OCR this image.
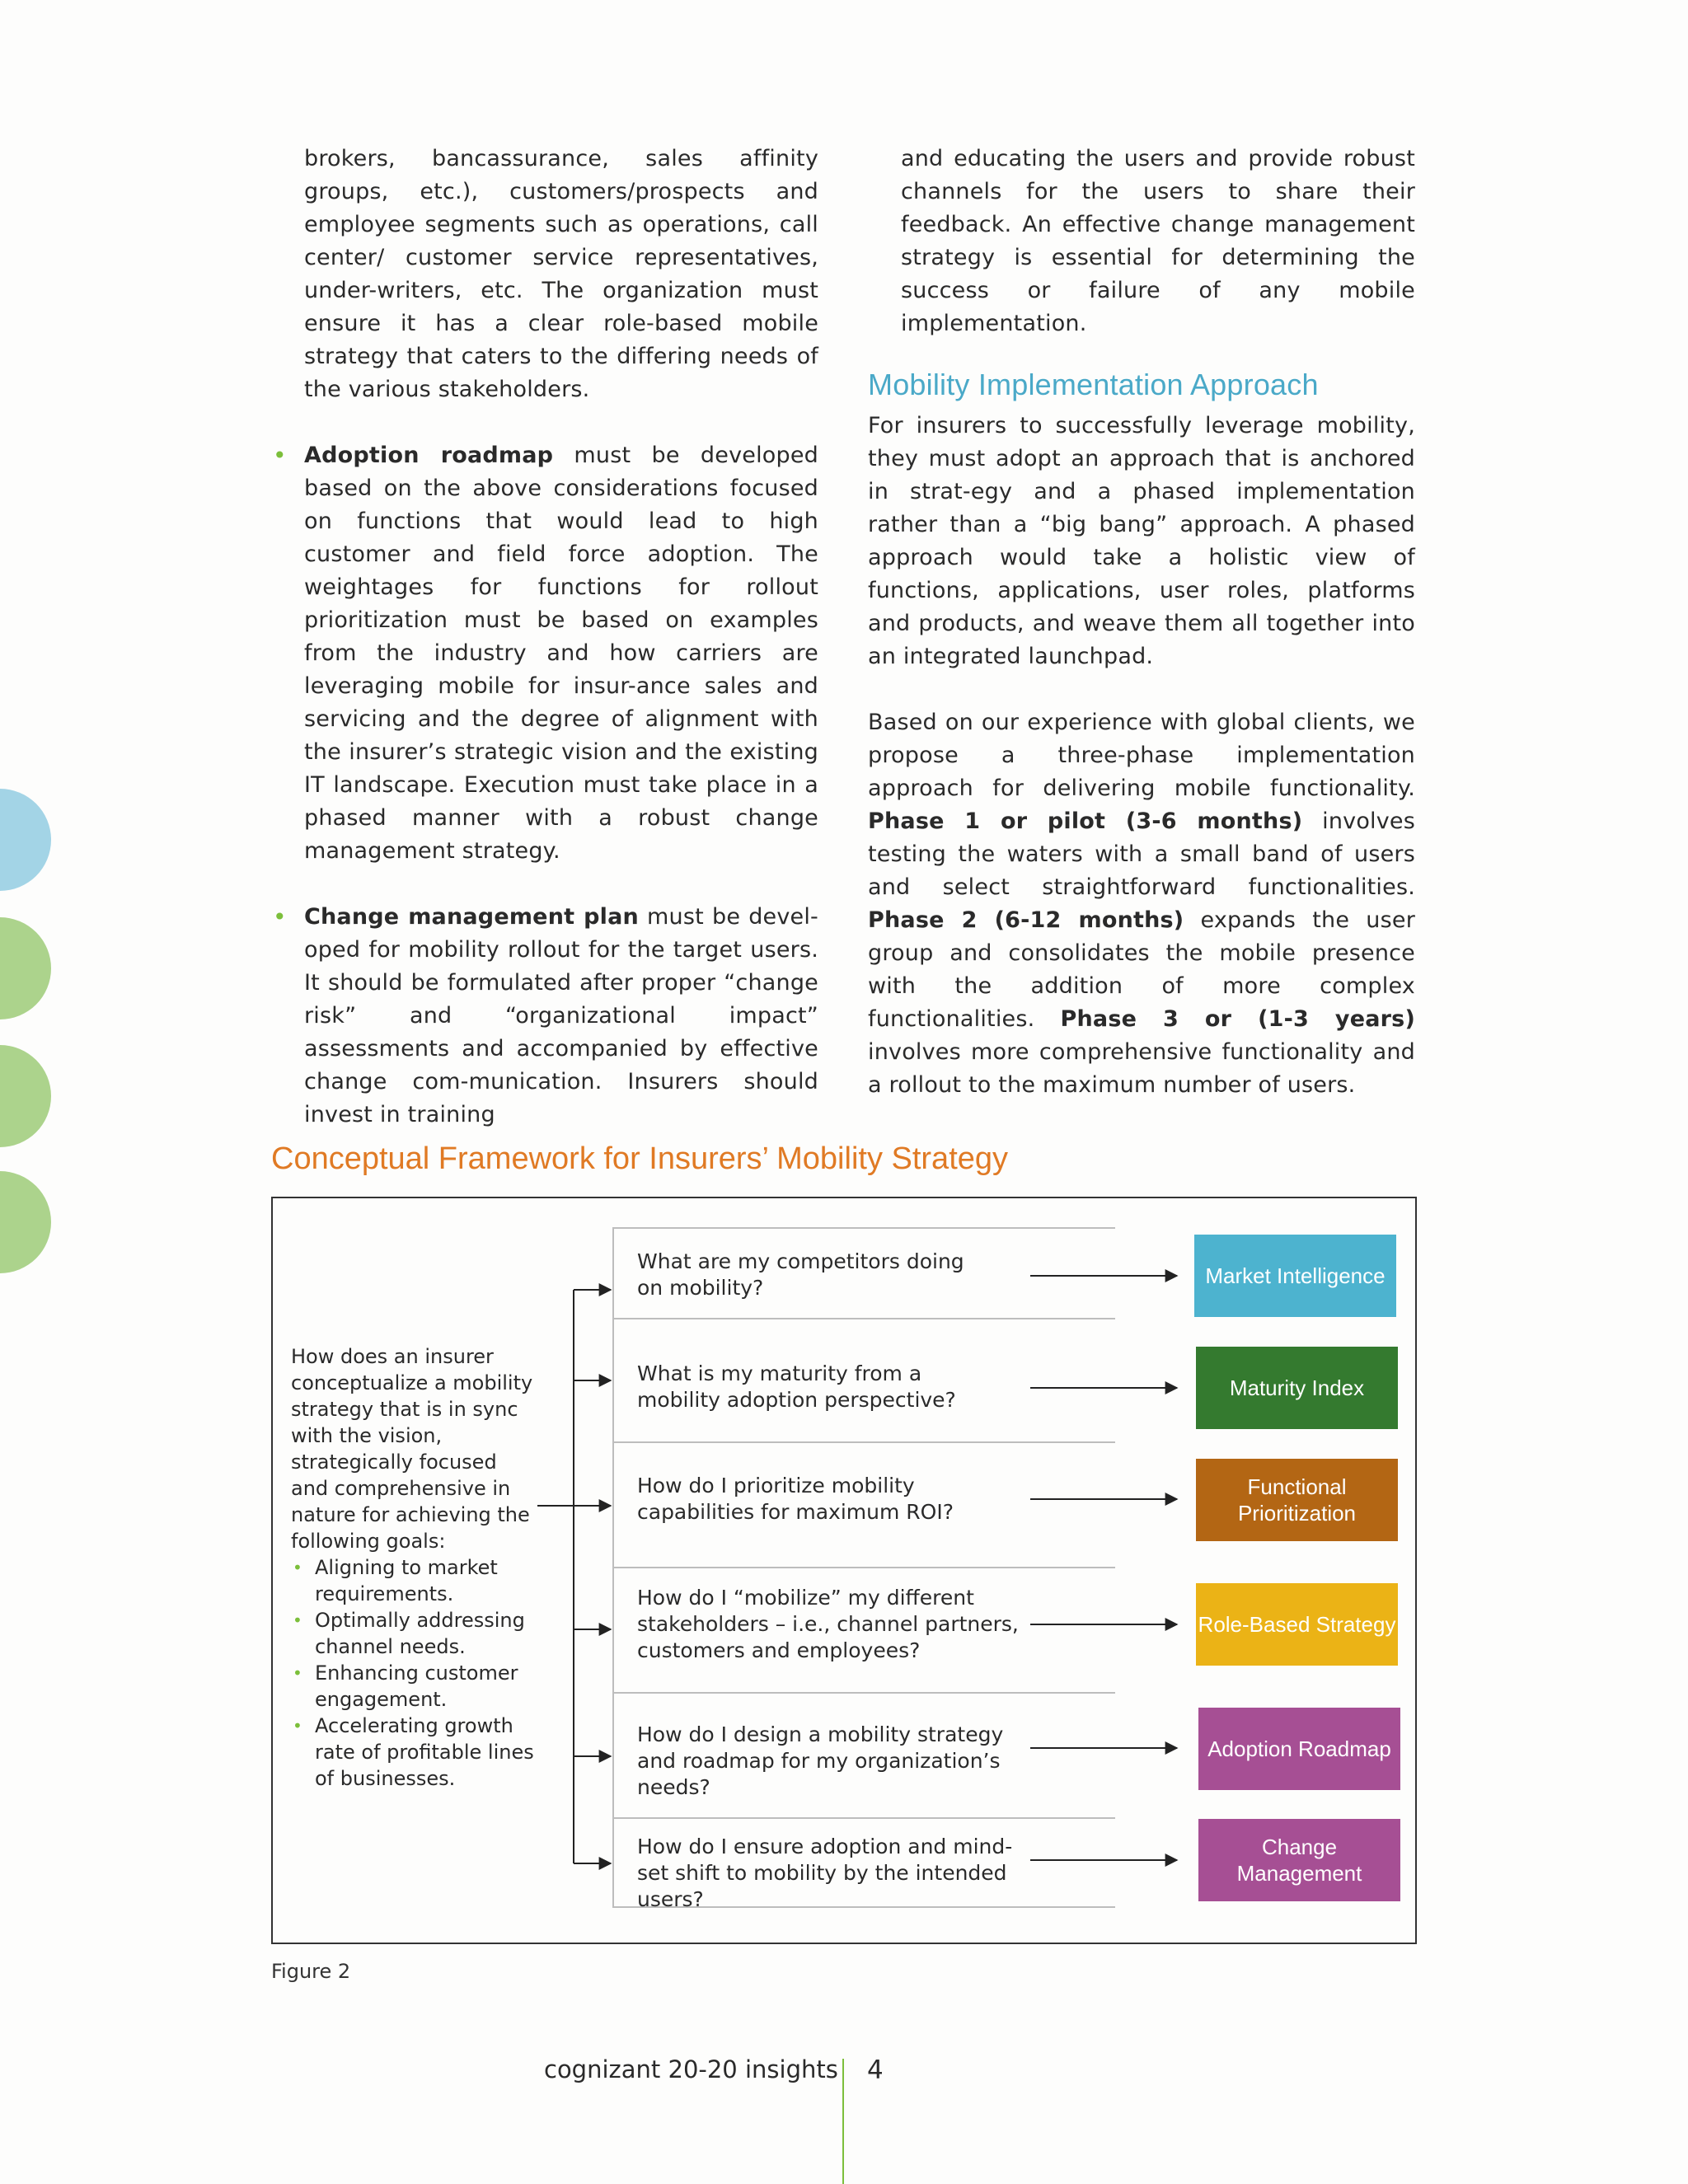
brokers, bancassurance, sales affinity groups, etc.), customers/prospects and employee segments such as operations, call center/ customer service representatives, under-writers, etc. The organization must ensure it has a clear role-based mobile strategy that caters to the differing needs of the various stakeholders.

• Adoption roadmap must be developed based on the above considerations focused on functions that would lead to high customer and field force adoption. The weightages for functions for rollout prioritization must be based on examples from the industry and how carriers are leveraging mobile for insur-ance sales and servicing and the degree of alignment with the insurer’s strategic vision and the existing IT landscape. Execution must take place in a phased manner with a robust change management strategy.

• Change management plan must be devel-oped for mobility rollout for the target users. It should be formulated after proper “change risk” and “organizational impact” assessments and accompanied by effective change com-munication. Insurers should invest in training

and educating the users and provide robust channels for the users to share their feedback. An effective change management strategy is essential for determining the success or failure of any mobile implementation.

Mobility Implementation Approach

For insurers to successfully leverage mobility, they must adopt an approach that is anchored in strat-egy and a phased implementation rather than a “big bang” approach. A phased approach would take a holistic view of functions, applications, user roles, platforms and products, and weave them all together into an integrated launchpad.

Based on our experience with global clients, we propose a three-phase implementation approach for delivering mobile functionality. Phase 1 or pilot (3-6 months) involves testing the waters with a small band of users and select straightforward functionalities. Phase 2 (6-12 months) expands the user group and consolidates the mobile presence with the addition of more complex functionalities. Phase 3 or (1-3 years) involves more comprehensive functionality and a rollout to the maximum number of users.

Conceptual Framework for Insurers’ Mobility Strategy
How does an insurer conceptualize a mobility strategy that is in sync with the vision, strategically focused and comprehensive in nature for achieving the following goals:
• Aligning to market requirements.
• Optimally addressing channel needs.
• Enhancing customer engagement.
• Accelerating growth rate of profitable lines of businesses.
What are my competitors doing on mobility?
What is my maturity from a mobility adoption perspective?
How do I prioritize mobility capabilities for maximum ROI?
How do I “mobilize” my different stakeholders – i.e., channel partners, customers and employees?
How do I design a mobility strategy and roadmap for my organization’s needs?
How do I ensure adoption and mind-set shift to mobility by the intended users?
Market Intelligence
Maturity Index
Functional Prioritization
Role-Based Strategy
Adoption Roadmap
Change Management
Figure 2
cognizant 20-20 insights 4
